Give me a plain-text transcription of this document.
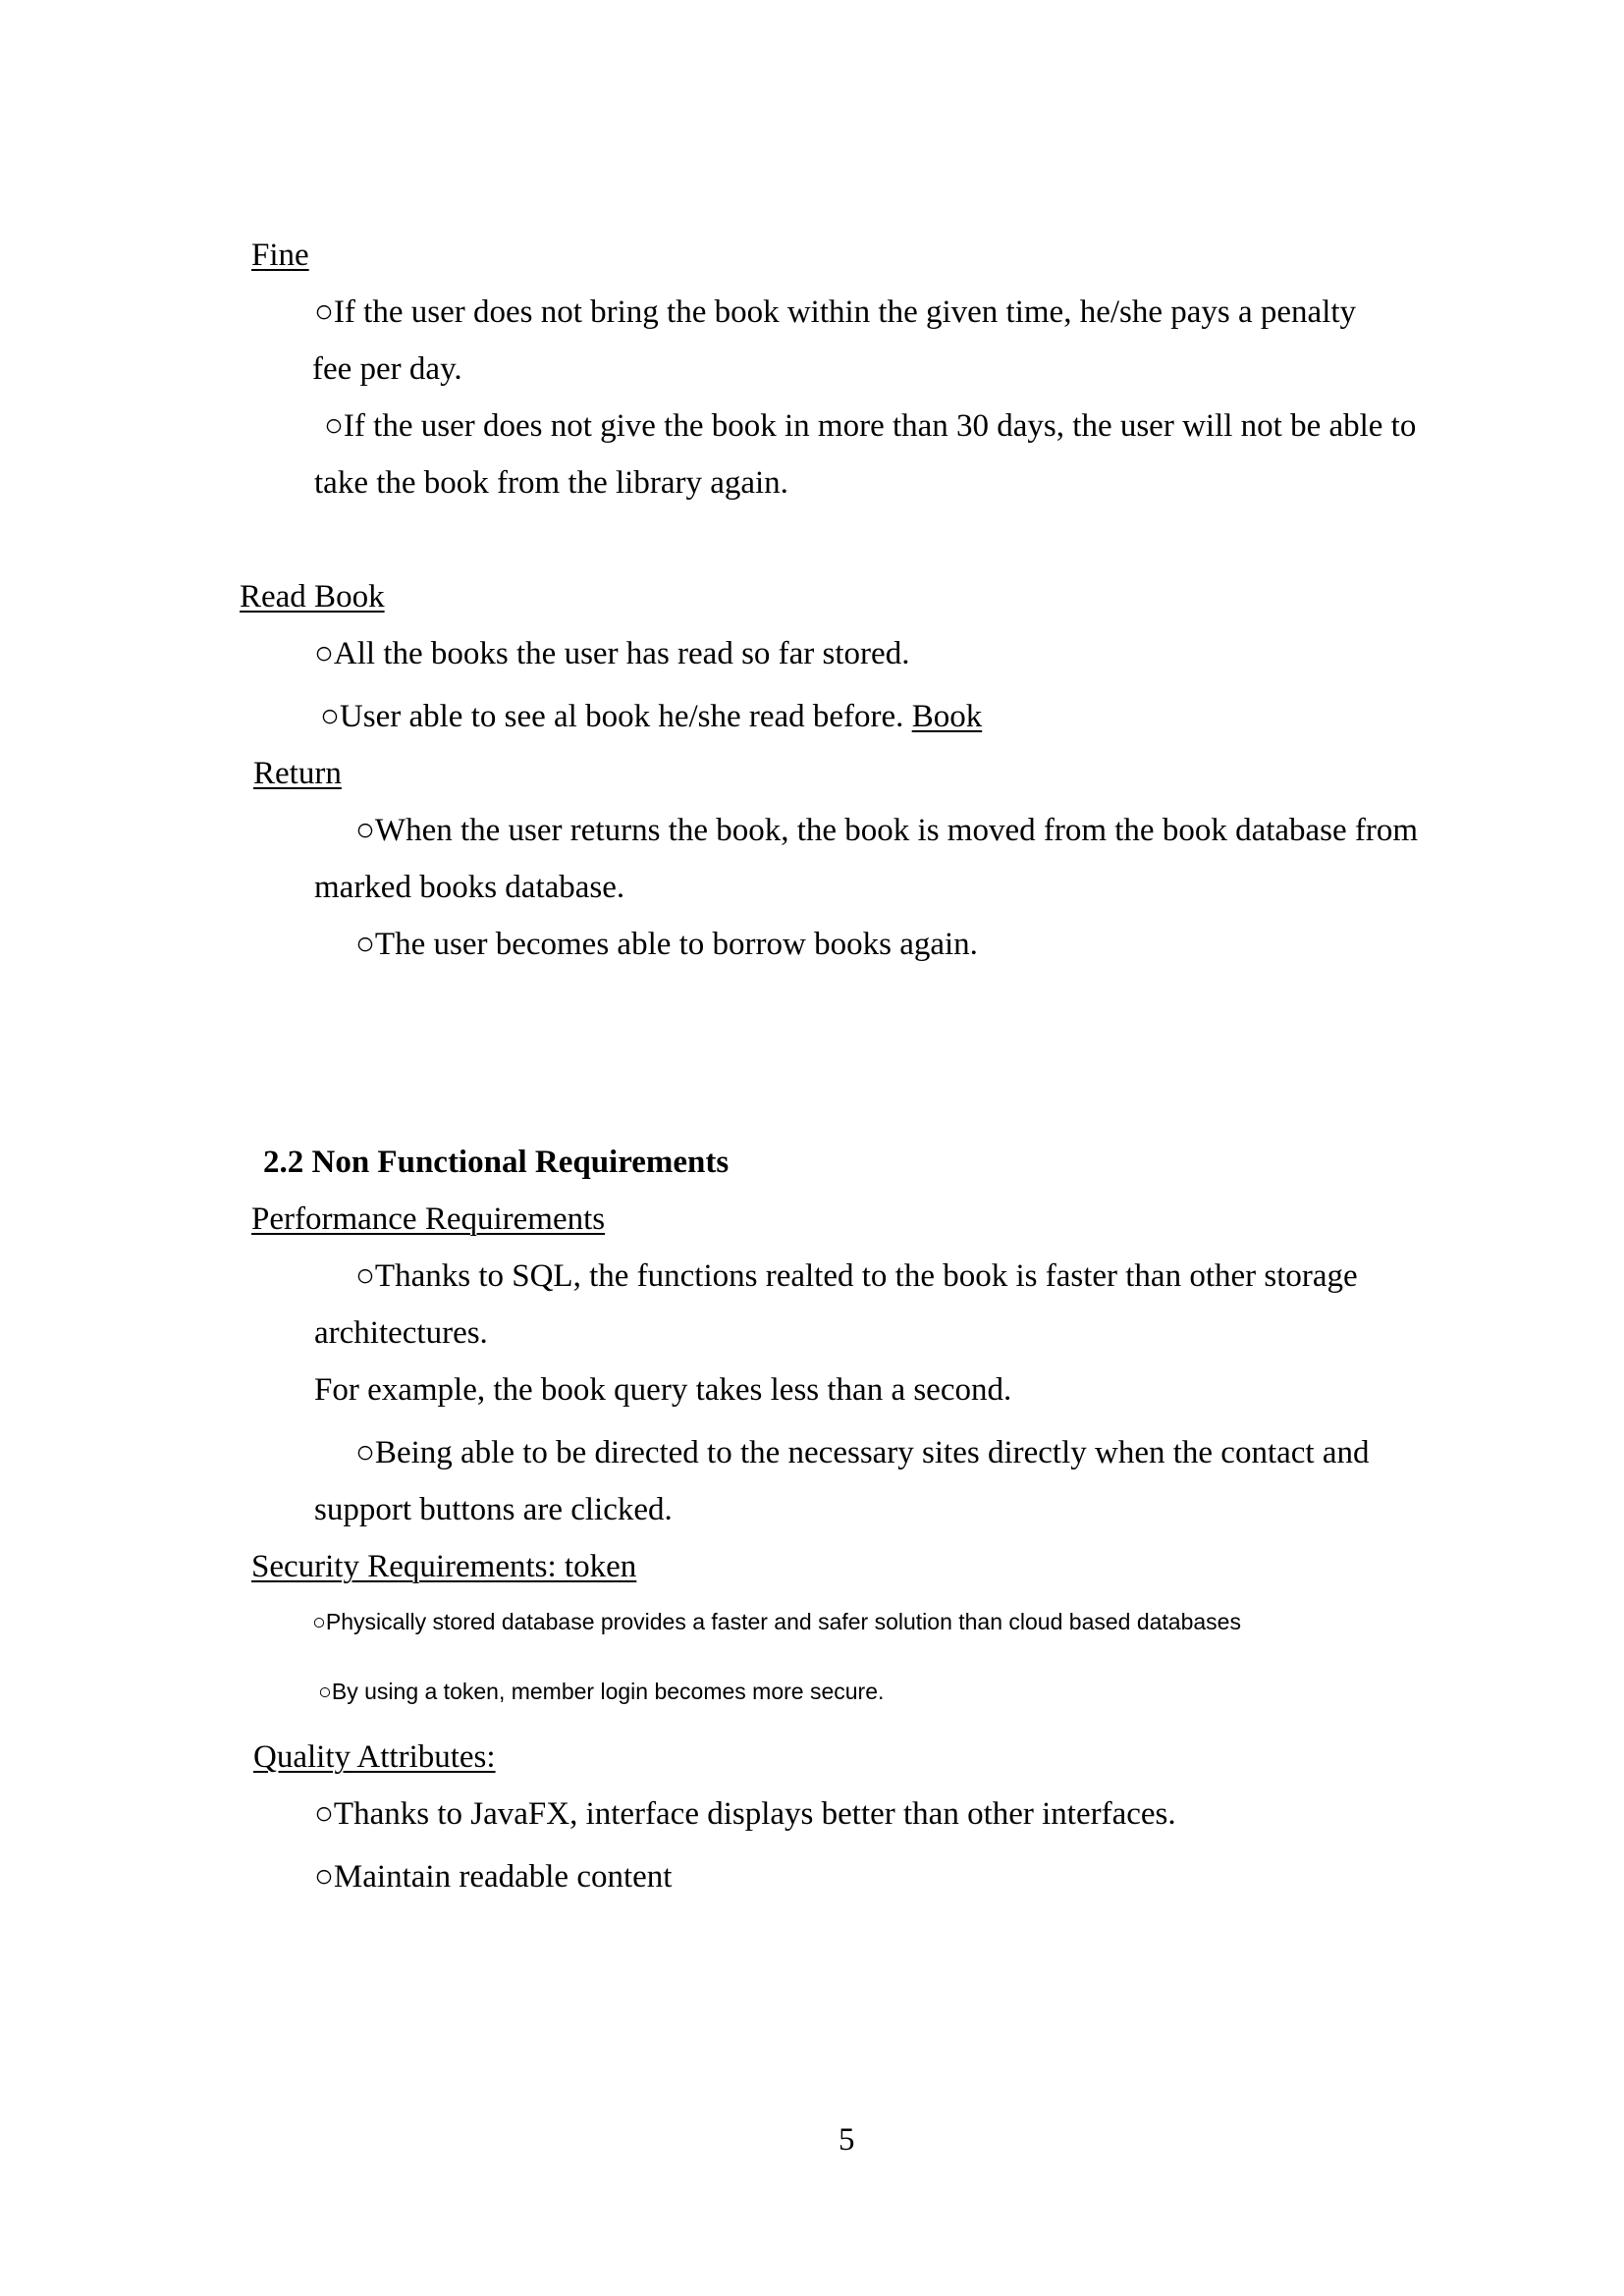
Fine
○If the user does not bring the book within the given time, he/she pays a penalty
fee per day.
○If the user does not give the book in more than 30 days, the user will not be able to
take the book from the library again.
Read Book
○All the books the user has read so far stored.
○User able to see al book he/she read before. Book
Return
○When the user returns the book, the book is moved from the book database from
marked books database.
○The user becomes able to borrow books again.
2.2 Non Functional Requirements
Performance Requirements
○Thanks to SQL, the functions realted to the book is faster than other storage
architectures.
For example, the book query takes less than a second.
○Being able to be directed to the necessary sites directly when the contact and
support buttons are clicked.
Security Requirements: token
○Physically stored database provides a faster and safer solution than cloud based databases
○By using a token, member login becomes more secure.
Quality Attributes:
○Thanks to JavaFX, interface displays better than other interfaces.
○Maintain readable content
5
